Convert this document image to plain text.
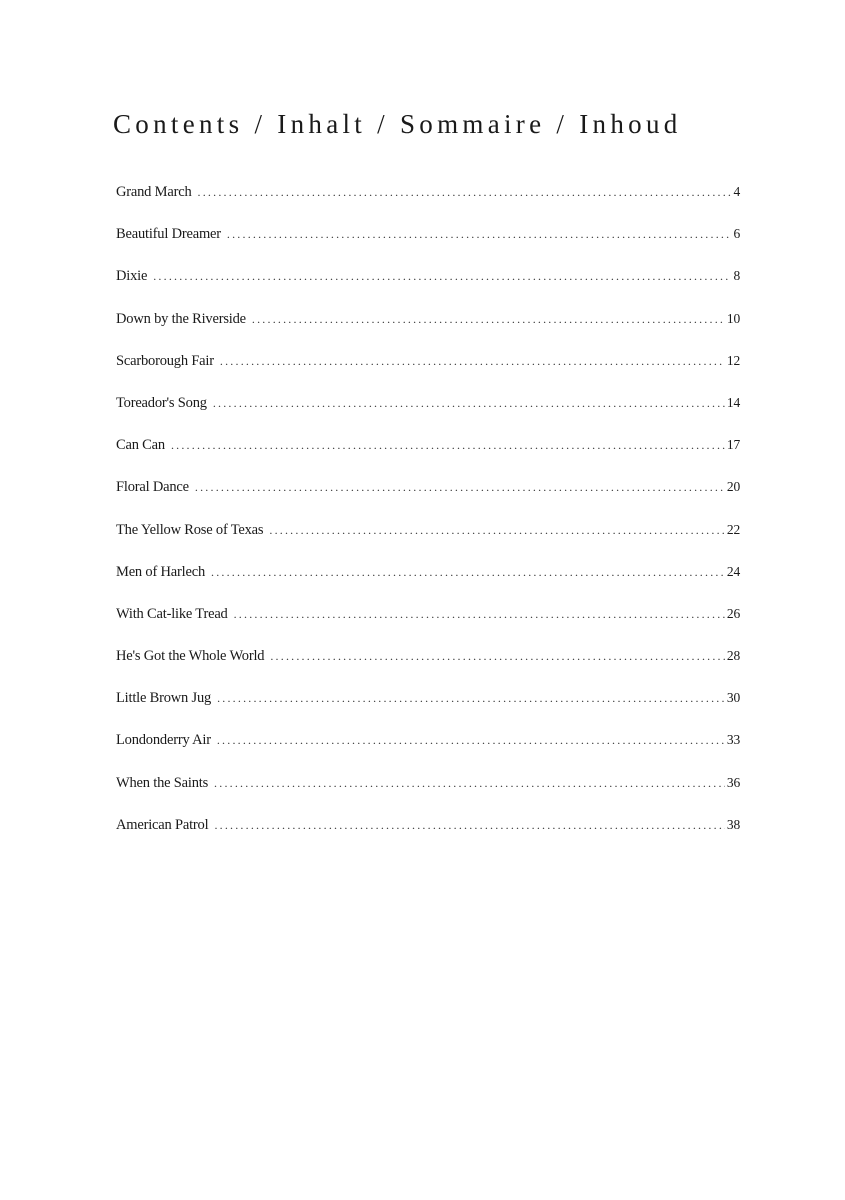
Contents / Inhalt / Sommaire / Inhoud
Grand March .....	4
Beautiful Dreamer .....	6
Dixie .....	8
Down by the Riverside .....	10
Scarborough Fair .....	12
Toreador's Song .....	14
Can Can .....	17
Floral Dance .....	20
The Yellow Rose of Texas .....	22
Men of Harlech .....	24
With Cat-like Tread .....	26
He's Got the Whole World .....	28
Little Brown Jug .....	30
Londonderry Air .....	33
When the Saints .....	36
American Patrol .....	38
